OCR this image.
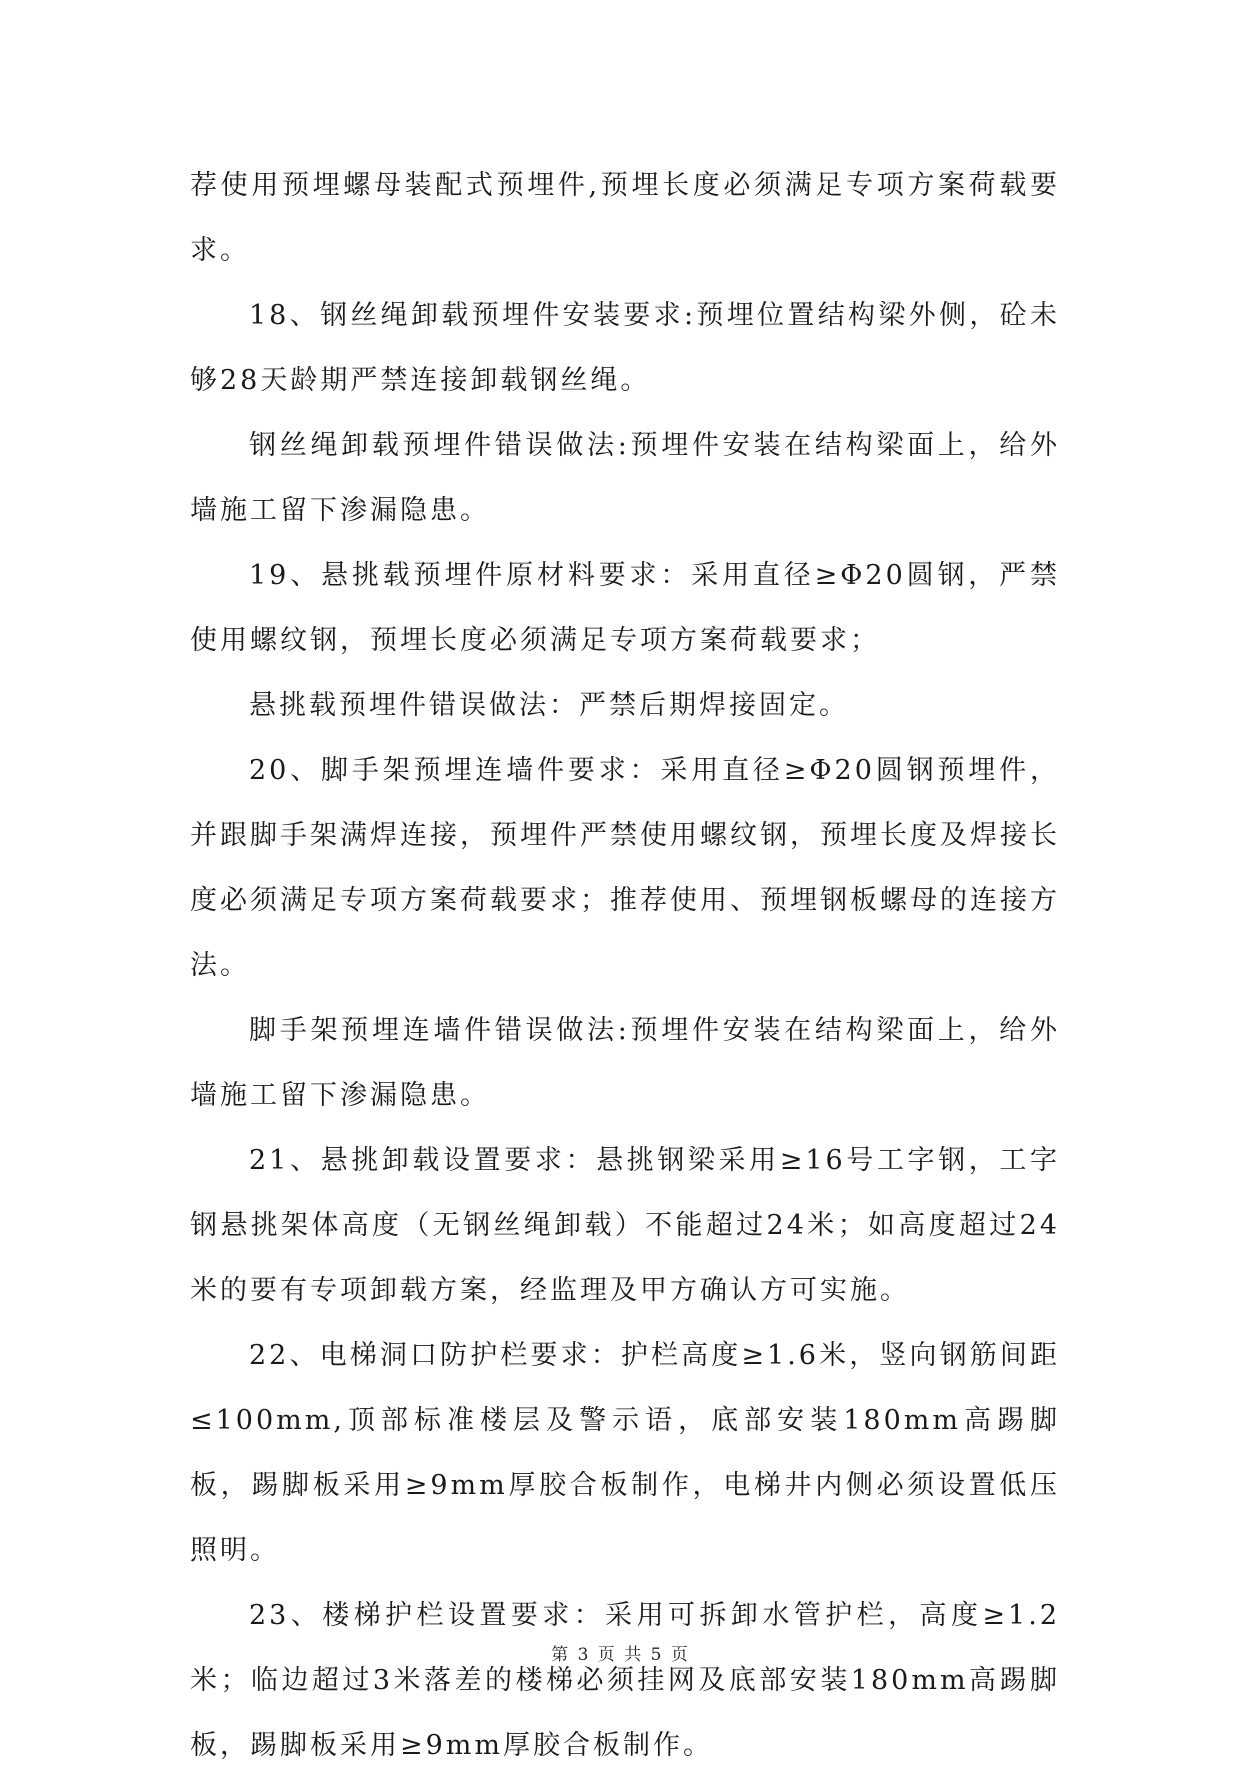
荐使用预埋螺母装配式预埋件,预埋长度必须满足专项方案荷载要求。

18、钢丝绳卸载预埋件安装要求:预埋位置结构梁外侧，砼未够28天龄期严禁连接卸载钢丝绳。

钢丝绳卸载预埋件错误做法:预埋件安装在结构梁面上，给外墙施工留下渗漏隐患。

19、悬挑载预埋件原材料要求：采用直径≥Φ20圆钢，严禁使用螺纹钢，预埋长度必须满足专项方案荷载要求；

悬挑载预埋件错误做法：严禁后期焊接固定。

20、脚手架预埋连墙件要求：采用直径≥Φ20圆钢预埋件，并跟脚手架满焊连接，预埋件严禁使用螺纹钢，预埋长度及焊接长度必须满足专项方案荷载要求；推荐使用、预埋钢板螺母的连接方法。

脚手架预埋连墙件错误做法:预埋件安装在结构梁面上，给外墙施工留下渗漏隐患。

21、悬挑卸载设置要求：悬挑钢梁采用≥16号工字钢，工字钢悬挑架体高度（无钢丝绳卸载）不能超过24米；如高度超过24米的要有专项卸载方案，经监理及甲方确认方可实施。

22、电梯洞口防护栏要求：护栏高度≥1.6米，竖向钢筋间距≤100mm,顶部标准楼层及警示语，底部安装180mm高踢脚板，踢脚板采用≥9mm厚胶合板制作，电梯井内侧必须设置低压照明。

23、楼梯护栏设置要求：采用可拆卸水管护栏，高度≥1.2米；临边超过3米落差的楼梯必须挂网及底部安装180mm高踢脚板，踢脚板采用≥9mm厚胶合板制作。

第 3 页 共 5 页
